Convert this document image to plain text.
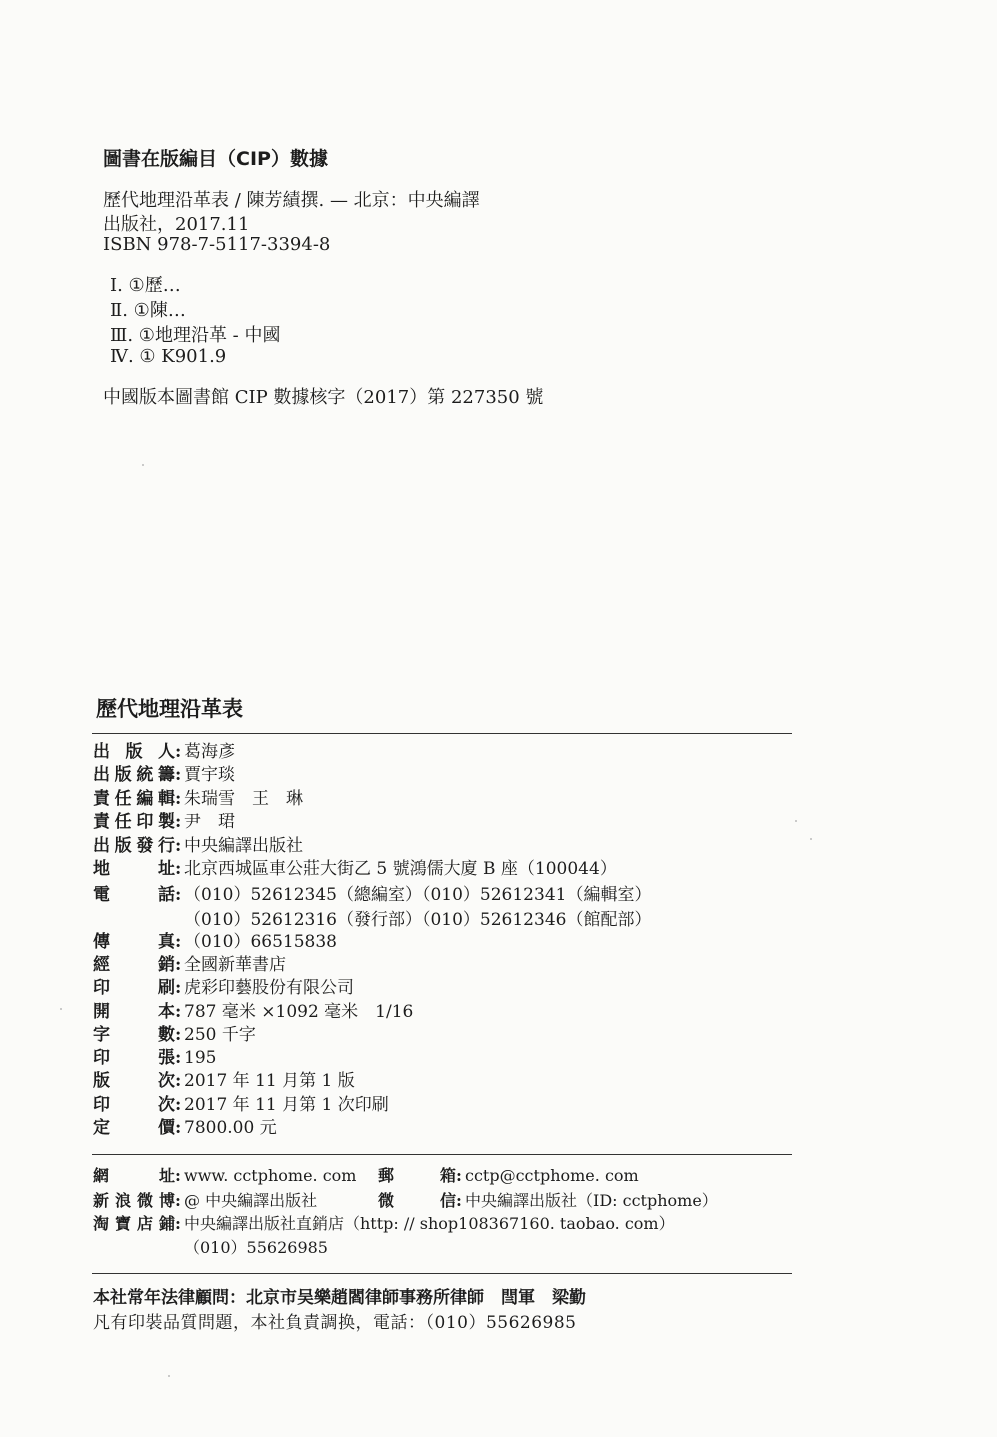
圖書在版編目（CIP）數據
歷代地理沿革表 / 陳芳績撰. — 北京：中央編譯
出版社，2017.11
ISBN 978-7-5117-3394-8
Ⅰ. ①歷…
Ⅱ. ①陳…
Ⅲ. ①地理沿革 - 中國
Ⅳ. ① K901.9
中國版本圖書館 CIP 數據核字（2017）第 227350 號
歷代地理沿革表
出版人: 葛海彥
出版統籌: 賈宇琰
責任編輯: 朱瑞雪　王　琳
責任印製: 尹　珺
出版發行: 中央編譯出版社
地址: 北京西城區車公莊大街乙 5 號鴻儒大廈 B 座（100044）
電話: （010）52612345（總編室）（010）52612341（編輯室）
（010）52612316（發行部）（010）52612346（館配部）
傳真: （010）66515838
經銷: 全國新華書店
印刷: 虎彩印藝股份有限公司
開本: 787 毫米 ×1092 毫米　1/16
字數: 250 千字
印張: 195
版次: 2017 年 11 月第 1 版
印次: 2017 年 11 月第 1 次印刷
定價: 7800.00 元
網址: www. cctphome. com 郵箱: cctp@cctphome. com
新浪微博: @ 中央編譯出版社	微信: 中央編譯出版社（ID: cctphome）
淘寶店鋪: 中央編譯出版社直銷店（http: // shop108367160. taobao. com）
（010）55626985
本社常年法律顧問：北京市吴樂趙閻律師事務所律師　閆軍　梁勤
凡有印裝品質問題，本社負責調换，電話：（010）55626985
